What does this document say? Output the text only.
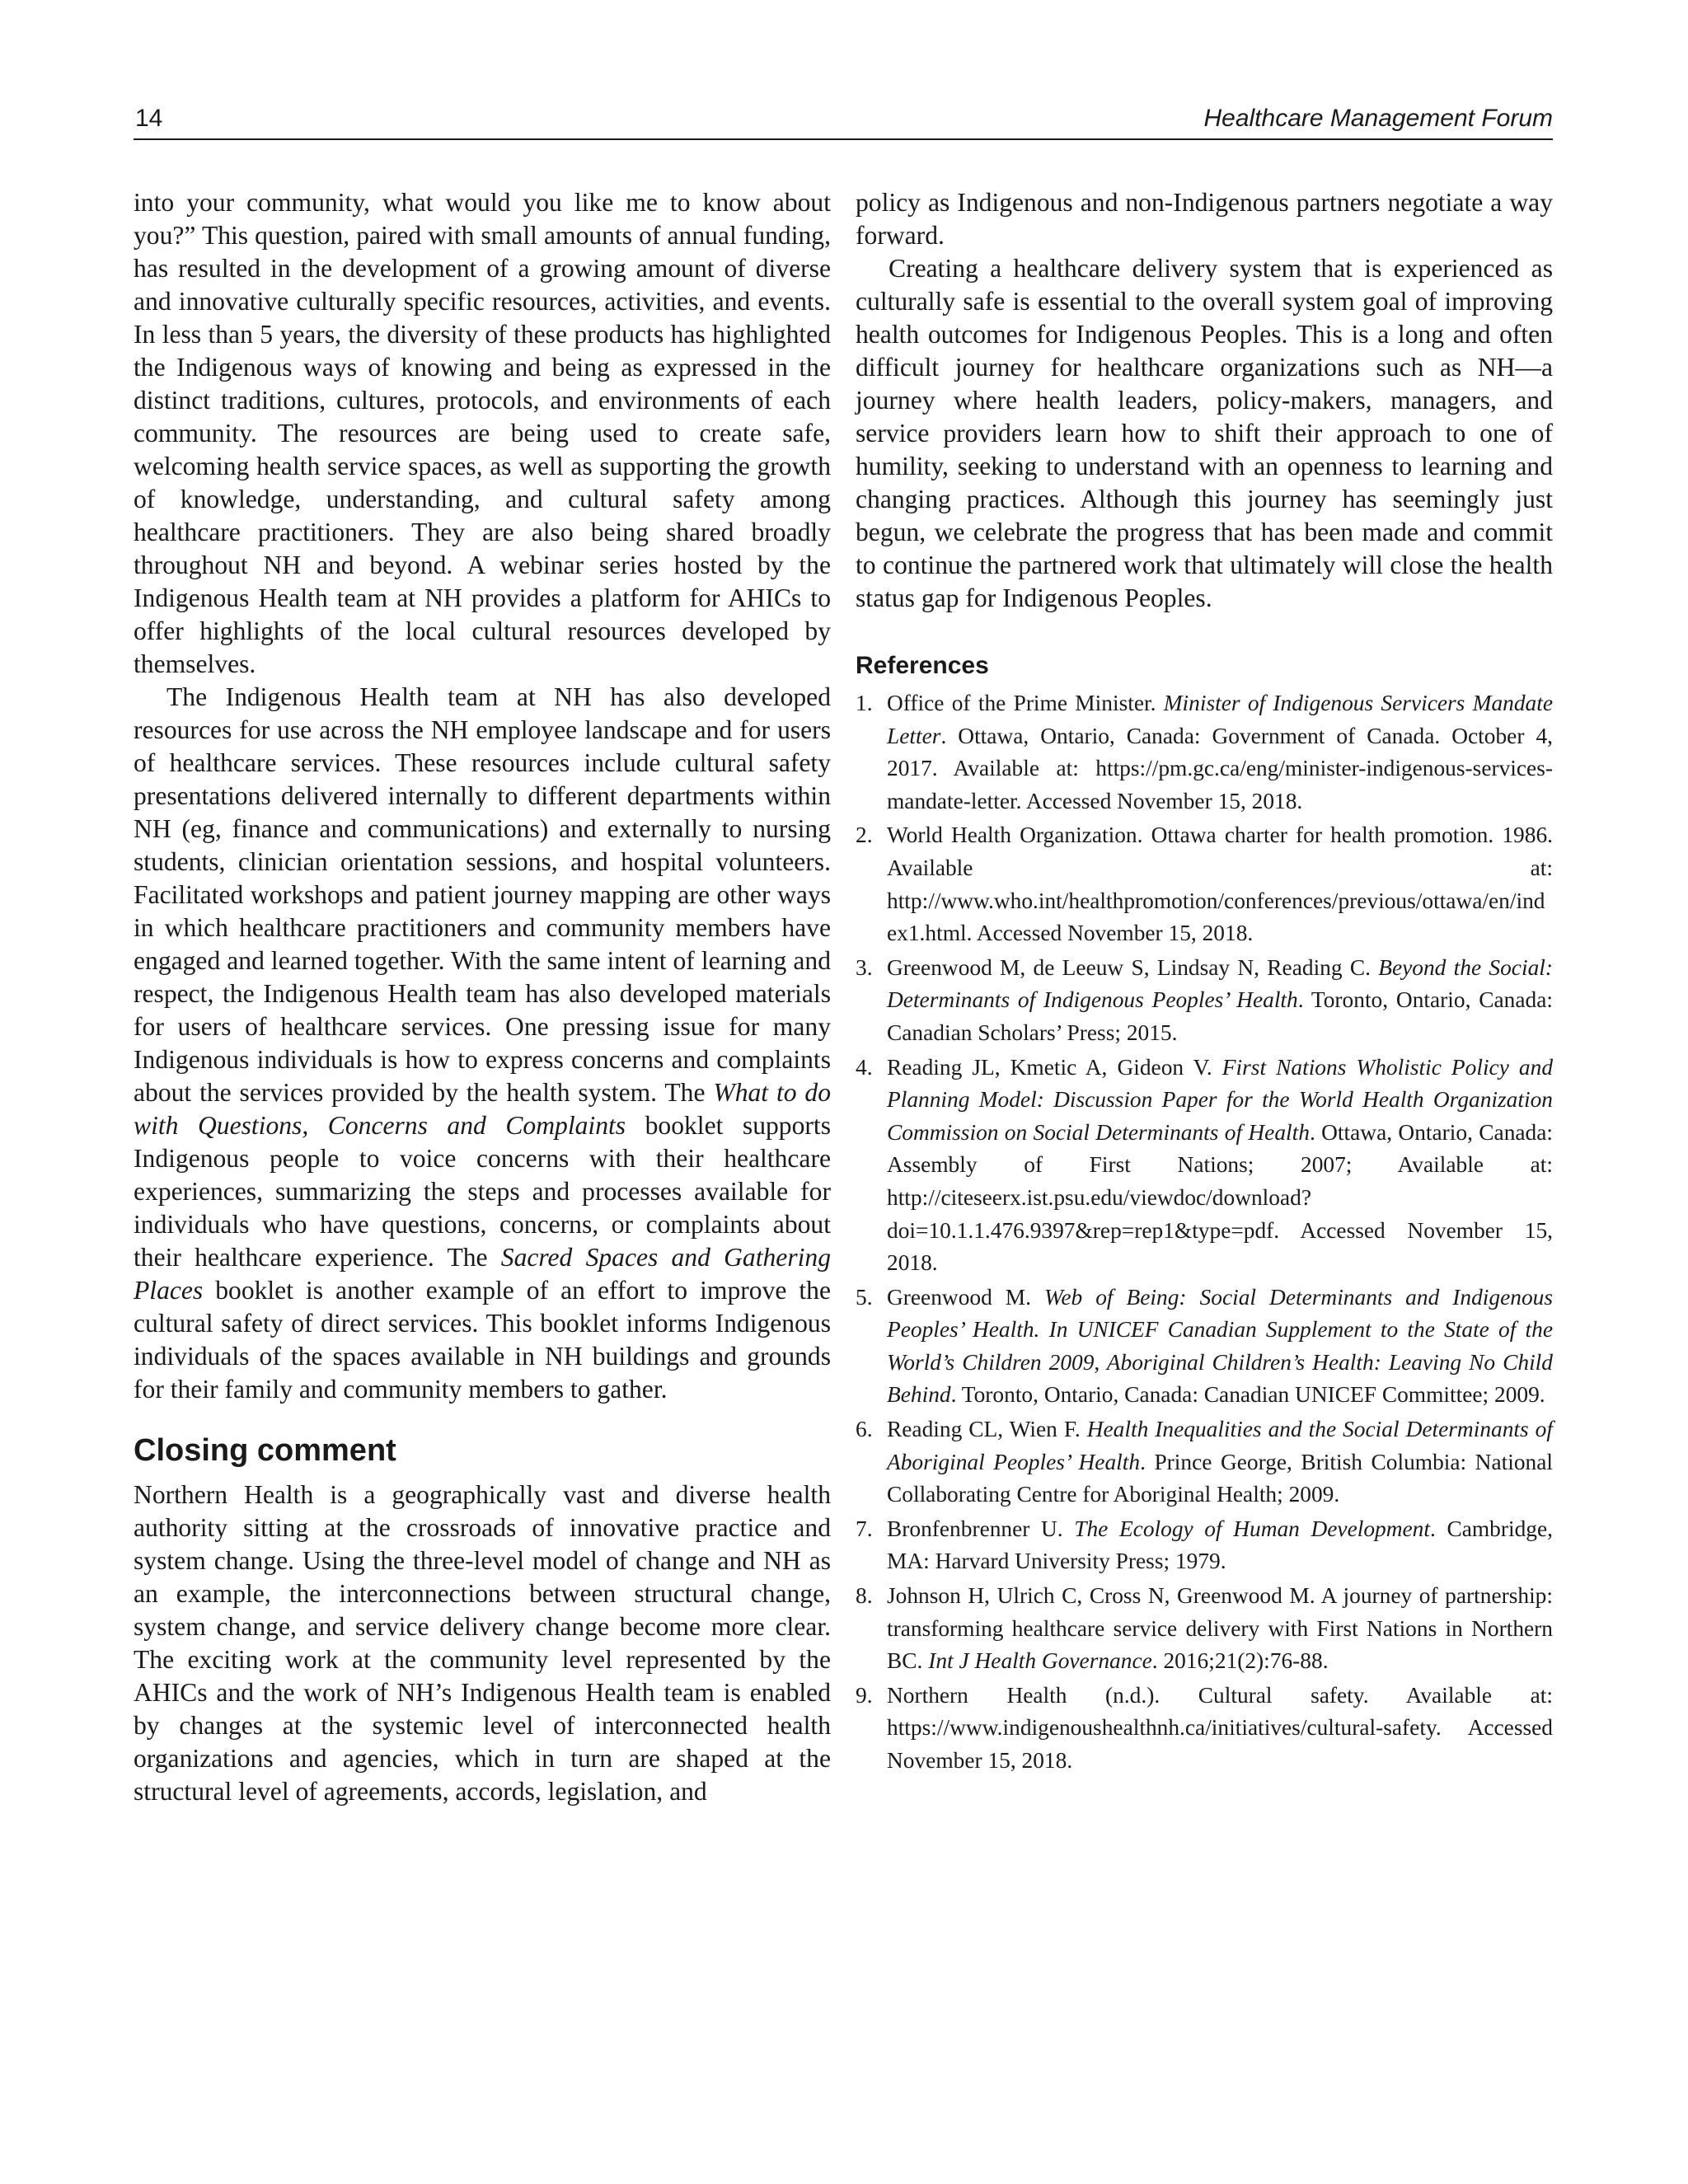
14	Healthcare Management Forum

into your community, what would you like me to know about you?” This question, paired with small amounts of annual funding, has resulted in the development of a growing amount of diverse and innovative culturally specific resources, activities, and events. In less than 5 years, the diversity of these products has highlighted the Indigenous ways of knowing and being as expressed in the distinct traditions, cultures, protocols, and environments of each community. The resources are being used to create safe, welcoming health service spaces, as well as supporting the growth of knowledge, understanding, and cultural safety among healthcare practitioners. They are also being shared broadly throughout NH and beyond. A webinar series hosted by the Indigenous Health team at NH provides a platform for AHICs to offer highlights of the local cultural resources developed by themselves.

The Indigenous Health team at NH has also developed resources for use across the NH employee landscape and for users of healthcare services. These resources include cultural safety presentations delivered internally to different departments within NH (eg, finance and communications) and externally to nursing students, clinician orientation sessions, and hospital volunteers. Facilitated workshops and patient journey mapping are other ways in which healthcare practitioners and community members have engaged and learned together. With the same intent of learning and respect, the Indigenous Health team has also developed materials for users of healthcare services. One pressing issue for many Indigenous individuals is how to express concerns and complaints about the services provided by the health system. The What to do with Questions, Concerns and Complaints booklet supports Indigenous people to voice concerns with their healthcare experiences, summarizing the steps and processes available for individuals who have questions, concerns, or complaints about their healthcare experience. The Sacred Spaces and Gathering Places booklet is another example of an effort to improve the cultural safety of direct services. This booklet informs Indigenous individuals of the spaces available in NH buildings and grounds for their family and community members to gather.

Closing comment

Northern Health is a geographically vast and diverse health authority sitting at the crossroads of innovative practice and system change. Using the three-level model of change and NH as an example, the interconnections between structural change, system change, and service delivery change become more clear. The exciting work at the community level represented by the AHICs and the work of NH’s Indigenous Health team is enabled by changes at the systemic level of interconnected health organizations and agencies, which in turn are shaped at the structural level of agreements, accords, legislation, and

policy as Indigenous and non-Indigenous partners negotiate a way forward.

Creating a healthcare delivery system that is experienced as culturally safe is essential to the overall system goal of improving health outcomes for Indigenous Peoples. This is a long and often difficult journey for healthcare organizations such as NH—a journey where health leaders, policy-makers, managers, and service providers learn how to shift their approach to one of humility, seeking to understand with an openness to learning and changing practices. Although this journey has seemingly just begun, we celebrate the progress that has been made and commit to continue the partnered work that ultimately will close the health status gap for Indigenous Peoples.

References
1. Office of the Prime Minister. Minister of Indigenous Servicers Mandate Letter. Ottawa, Ontario, Canada: Government of Canada. October 4, 2017. Available at: https://pm.gc.ca/eng/minister-indigenous-services-mandate-letter. Accessed November 15, 2018.
2. World Health Organization. Ottawa charter for health promotion. 1986. Available at: http://www.who.int/healthpromotion/conferences/previous/ottawa/en/index1.html. Accessed November 15, 2018.
3. Greenwood M, de Leeuw S, Lindsay N, Reading C. Beyond the Social: Determinants of Indigenous Peoples’ Health. Toronto, Ontario, Canada: Canadian Scholars’ Press; 2015.
4. Reading JL, Kmetic A, Gideon V. First Nations Wholistic Policy and Planning Model: Discussion Paper for the World Health Organization Commission on Social Determinants of Health. Ottawa, Ontario, Canada: Assembly of First Nations; 2007; Available at: http://citeseerx.ist.psu.edu/viewdoc/download?doi=10.1.1.476.9397&rep=rep1&type=pdf. Accessed November 15, 2018.
5. Greenwood M. Web of Being: Social Determinants and Indigenous Peoples’ Health. In UNICEF Canadian Supplement to the State of the World’s Children 2009, Aboriginal Children’s Health: Leaving No Child Behind. Toronto, Ontario, Canada: Canadian UNICEF Committee; 2009.
6. Reading CL, Wien F. Health Inequalities and the Social Determinants of Aboriginal Peoples’ Health. Prince George, British Columbia: National Collaborating Centre for Aboriginal Health; 2009.
7. Bronfenbrenner U. The Ecology of Human Development. Cambridge, MA: Harvard University Press; 1979.
8. Johnson H, Ulrich C, Cross N, Greenwood M. A journey of partnership: transforming healthcare service delivery with First Nations in Northern BC. Int J Health Governance. 2016;21(2):76-88.
9. Northern Health (n.d.). Cultural safety. Available at: https://www.indigenoushealthnh.ca/initiatives/cultural-safety. Accessed November 15, 2018.
